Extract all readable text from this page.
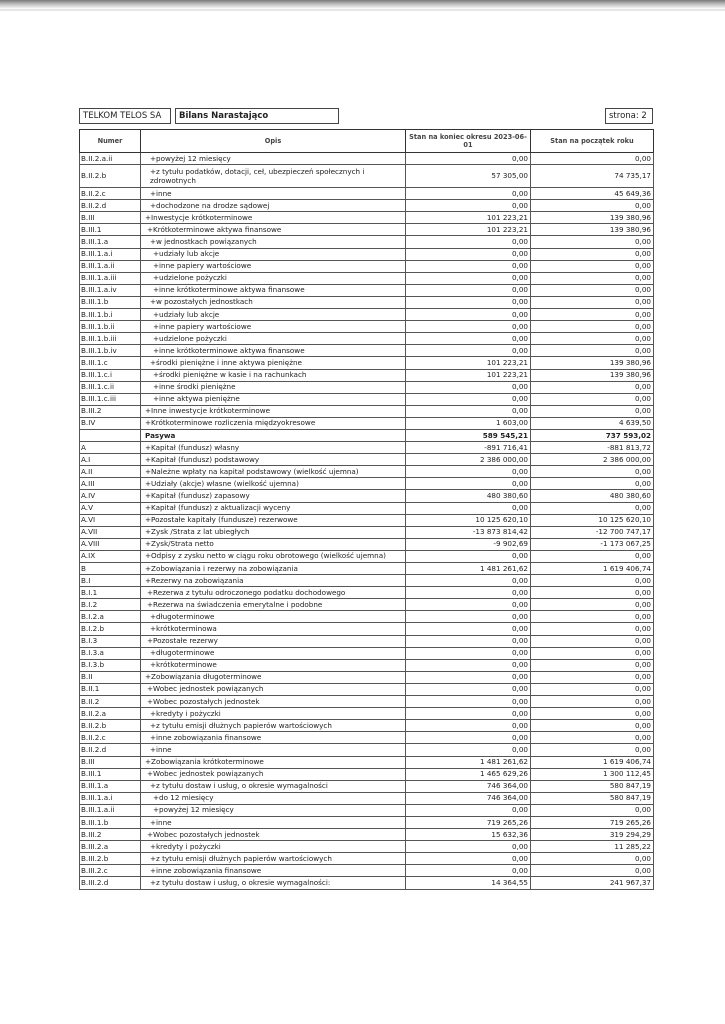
TELKOM TELOS SA	Bilans Narastająco	strona: 2
Numer	Opis	Stan na koniec okresu 2023-06-01	Stan na początek roku
B.II.2.a.ii	+powyżej 12 miesięcy	0,00	0,00
B.II.2.b	+z tytułu podatków, dotacji, ceł, ubezpieczeń społecznych i zdrowotnych	57 305,00	74 735,17
B.II.2.c	+inne	0,00	45 649,36
B.II.2.d	+dochodzone na drodze sądowej	0,00	0,00
B.III	+Inwestycje krótkoterminowe	101 223,21	139 380,96
B.III.1	+Krótkoterminowe aktywa finansowe	101 223,21	139 380,96
B.III.1.a	+w jednostkach powiązanych	0,00	0,00
B.III.1.a.i	+udziały lub akcje	0,00	0,00
B.III.1.a.ii	+inne papiery wartościowe	0,00	0,00
B.III.1.a.iii	+udzielone pożyczki	0,00	0,00
B.III.1.a.iv	+inne krótkoterminowe aktywa finansowe	0,00	0,00
B.III.1.b	+w pozostałych jednostkach	0,00	0,00
B.III.1.b.i	+udziały lub akcje	0,00	0,00
B.III.1.b.ii	+inne papiery wartościowe	0,00	0,00
B.III.1.b.iii	+udzielone pożyczki	0,00	0,00
B.III.1.b.iv	+inne krótkoterminowe aktywa finansowe	0,00	0,00
B.III.1.c	+środki pieniężne i inne aktywa pieniężne	101 223,21	139 380,96
B.III.1.c.i	+środki pieniężne w kasie i na rachunkach	101 223,21	139 380,96
B.III.1.c.ii	+inne środki pieniężne	0,00	0,00
B.III.1.c.iii	+inne aktywa pieniężne	0,00	0,00
B.III.2	+Inne inwestycje krótkoterminowe	0,00	0,00
B.IV	+Krótkoterminowe rozliczenia międzyokresowe	1 603,00	4 639,50
	Pasywa	589 545,21	737 593,02
A	+Kapitał (fundusz) własny	-891 716,41	-881 813,72
A.I	+Kapitał (fundusz) podstawowy	2 386 000,00	2 386 000,00
A.II	+Należne wpłaty na kapitał podstawowy (wielkość ujemna)	0,00	0,00
A.III	+Udziały (akcje) własne (wielkość ujemna)	0,00	0,00
A.IV	+Kapitał (fundusz) zapasowy	480 380,60	480 380,60
A.V	+Kapitał (fundusz) z aktualizacji wyceny	0,00	0,00
A.VI	+Pozostałe kapitały (fundusze) rezerwowe	10 125 620,10	10 125 620,10
A.VII	+Zysk /Strata z lat ubiegłych	-13 873 814,42	-12 700 747,17
A.VIII	+Zysk/Strata netto	-9 902,69	-1 173 067,25
A.IX	+Odpisy z zysku netto w ciągu roku obrotowego (wielkość ujemna)	0,00	0,00
B	+Zobowiązania i rezerwy na zobowiązania	1 481 261,62	1 619 406,74
B.I	+Rezerwy na zobowiązania	0,00	0,00
B.I.1	+Rezerwa z tytułu odroczonego podatku dochodowego	0,00	0,00
B.I.2	+Rezerwa na świadczenia emerytalne i podobne	0,00	0,00
B.I.2.a	+długoterminowe	0,00	0,00
B.I.2.b	+krótkoterminowa	0,00	0,00
B.I.3	+Pozostałe rezerwy	0,00	0,00
B.I.3.a	+długoterminowe	0,00	0,00
B.I.3.b	+krótkoterminowe	0,00	0,00
B.II	+Zobowiązania długoterminowe	0,00	0,00
B.II.1	+Wobec jednostek powiązanych	0,00	0,00
B.II.2	+Wobec pozostałych jednostek	0,00	0,00
B.II.2.a	+kredyty i pożyczki	0,00	0,00
B.II.2.b	+z tytułu emisji dłużnych papierów wartościowych	0,00	0,00
B.II.2.c	+inne zobowiązania finansowe	0,00	0,00
B.II.2.d	+inne	0,00	0,00
B.III	+Zobowiązania krótkoterminowe	1 481 261,62	1 619 406,74
B.III.1	+Wobec jednostek powiązanych	1 465 629,26	1 300 112,45
B.III.1.a	+z tytułu dostaw i usług, o okresie wymagalności	746 364,00	580 847,19
B.III.1.a.i	+do 12 miesięcy	746 364,00	580 847,19
B.III.1.a.ii	+powyżej 12 miesięcy	0,00	0,00
B.III.1.b	+inne	719 265,26	719 265,26
B.III.2	+Wobec pozostałych jednostek	15 632,36	319 294,29
B.III.2.a	+kredyty i pożyczki	0,00	11 285,22
B.III.2.b	+z tytułu emisji dłużnych papierów wartościowych	0,00	0,00
B.III.2.c	+inne zobowiązania finansowe	0,00	0,00
B.III.2.d	+z tytułu dostaw i usług, o okresie wymagalności:	14 364,55	241 967,37
